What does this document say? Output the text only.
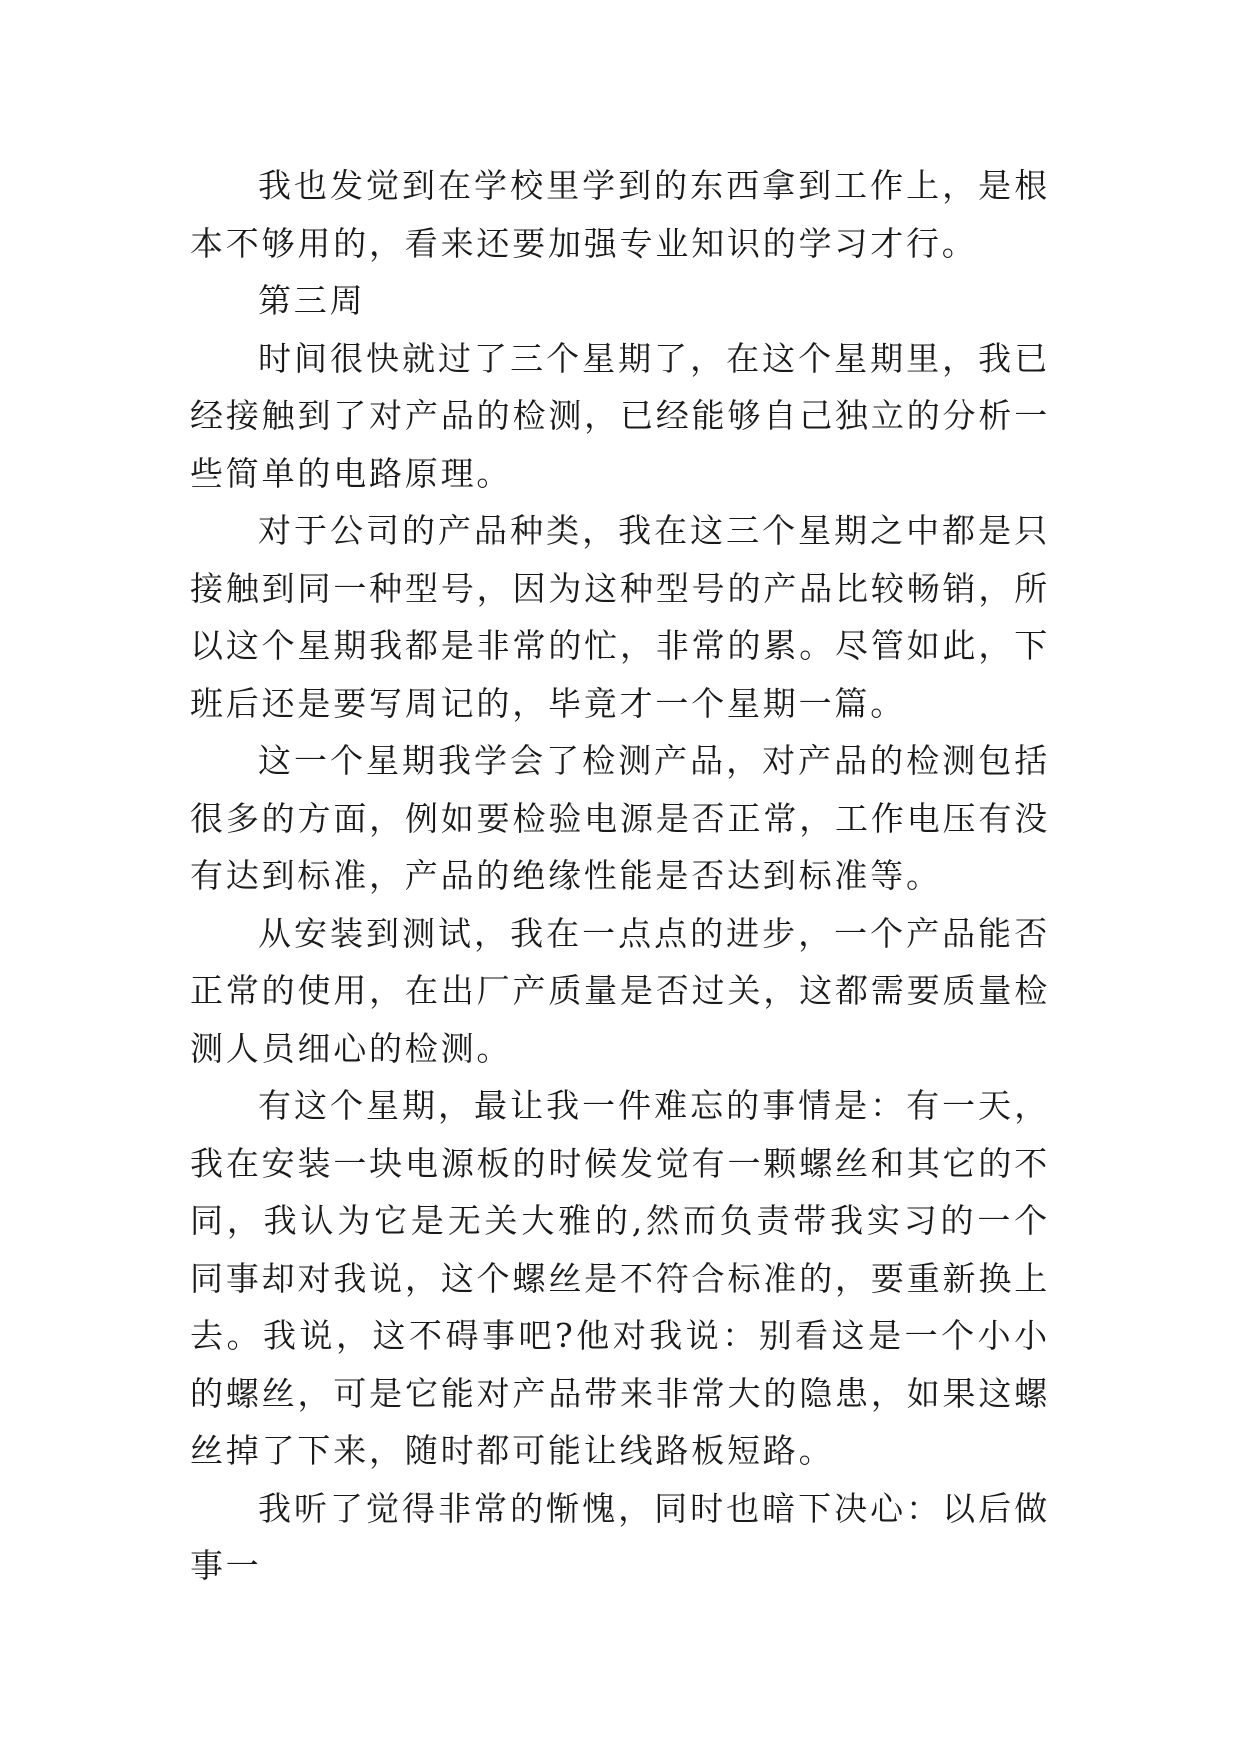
我也发觉到在学校里学到的东西拿到工作上，是根本不够用的，看来还要加强专业知识的学习才行。

第三周

时间很快就过了三个星期了，在这个星期里，我已经接触到了对产品的检测，已经能够自己独立的分析一些简单的电路原理。

对于公司的产品种类，我在这三个星期之中都是只接触到同一种型号，因为这种型号的产品比较畅销，所以这个星期我都是非常的忙，非常的累。尽管如此，下班后还是要写周记的，毕竟才一个星期一篇。

这一个星期我学会了检测产品，对产品的检测包括很多的方面，例如要检验电源是否正常，工作电压有没有达到标准，产品的绝缘性能是否达到标准等。

从安装到测试，我在一点点的进步，一个产品能否正常的使用，在出厂产质量是否过关，这都需要质量检测人员细心的检测。

有这个星期，最让我一件难忘的事情是：有一天，我在安装一块电源板的时候发觉有一颗螺丝和其它的不同，我认为它是无关大雅的,然而负责带我实习的一个同事却对我说，这个螺丝是不符合标准的，要重新换上去。我说，这不碍事吧?他对我说：别看这是一个小小的螺丝，可是它能对产品带来非常大的隐患，如果这螺丝掉了下来，随时都可能让线路板短路。

我听了觉得非常的惭愧，同时也暗下决心：以后做事一
